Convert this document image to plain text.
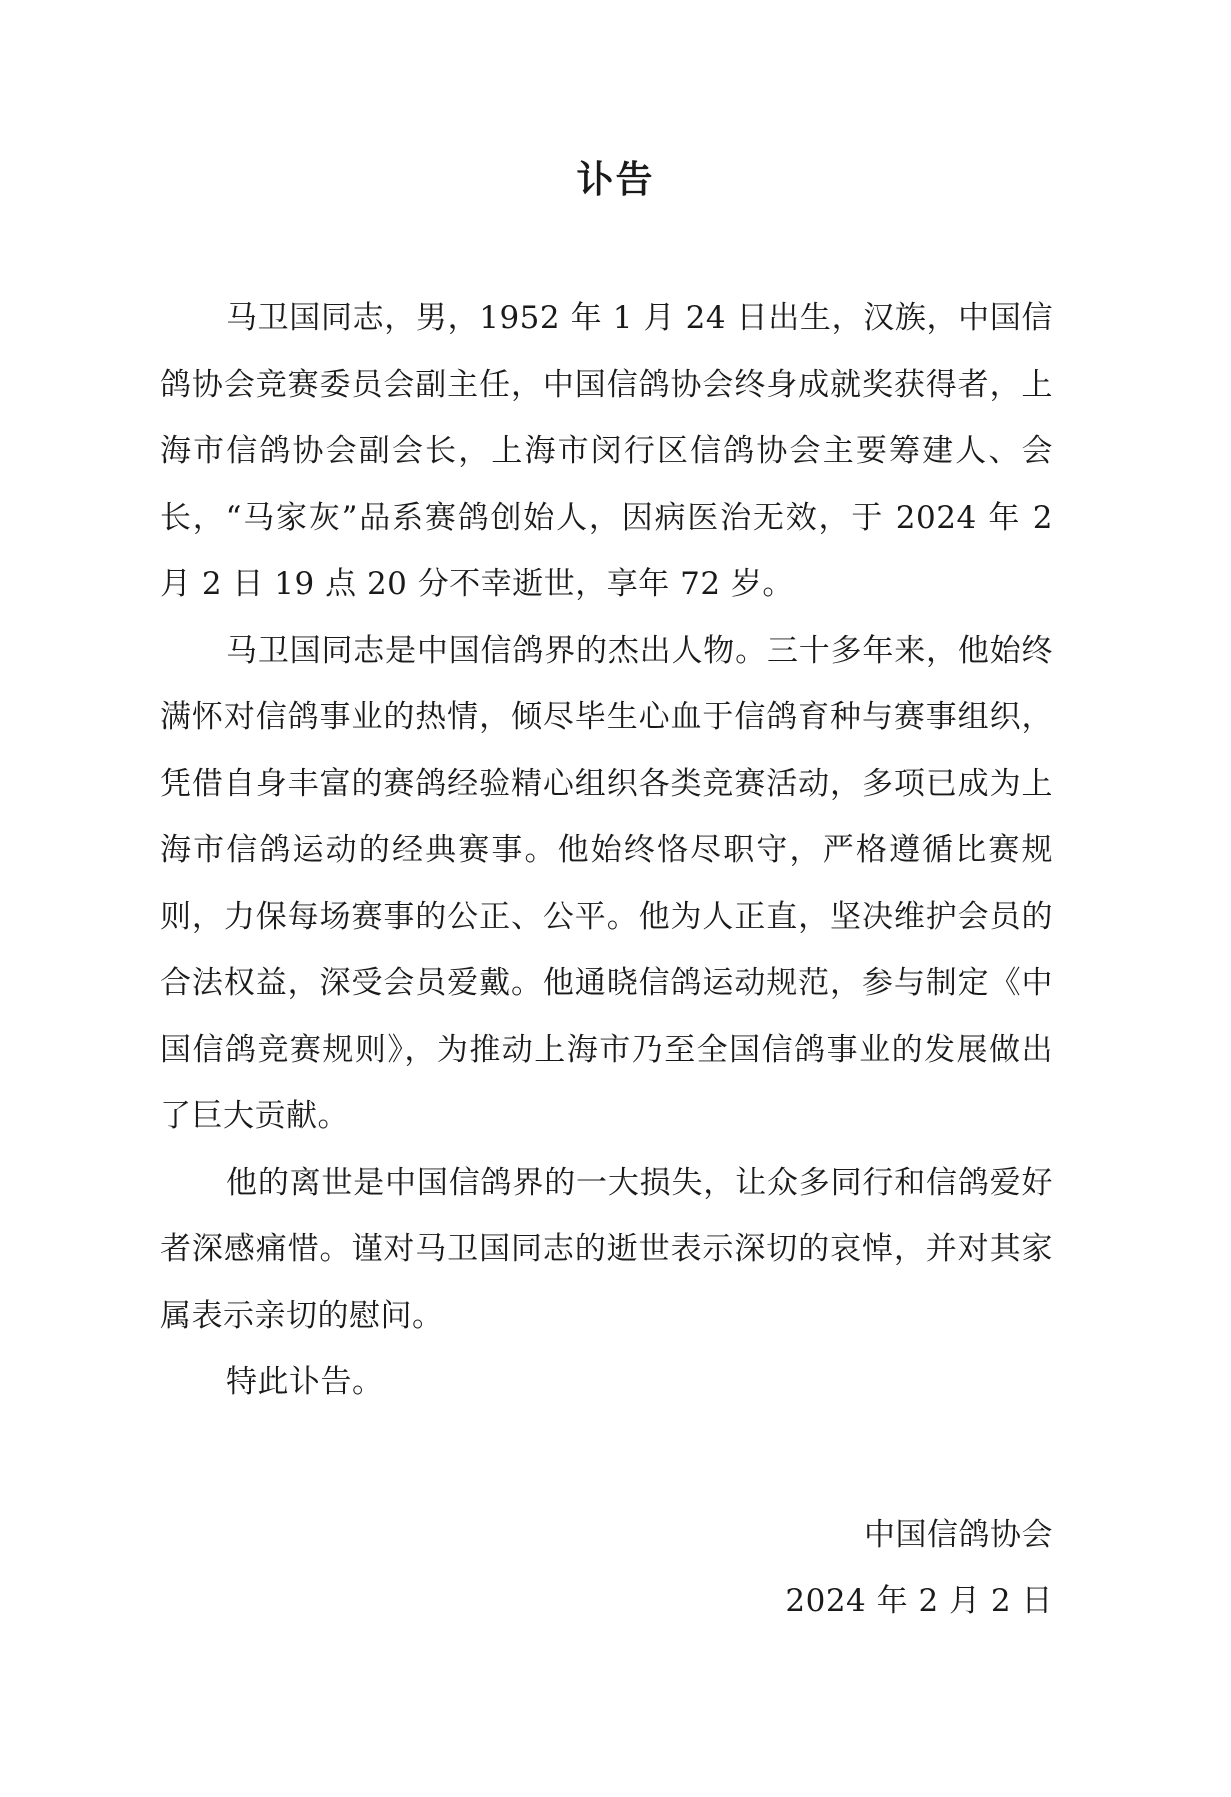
讣告

马卫国同志，男，1952 年 1 月 24 日出生，汉族，中国信鸽协会竞赛委员会副主任，中国信鸽协会终身成就奖获得者，上海市信鸽协会副会长，上海市闵行区信鸽协会主要筹建人、会长，“马家灰”品系赛鸽创始人，因病医治无效，于 2024 年 2 月 2 日 19 点 20 分不幸逝世，享年 72 岁。

马卫国同志是中国信鸽界的杰出人物。三十多年来，他始终满怀对信鸽事业的热情，倾尽毕生心血于信鸽育种与赛事组织，凭借自身丰富的赛鸽经验精心组织各类竞赛活动，多项已成为上海市信鸽运动的经典赛事。他始终恪尽职守，严格遵循比赛规则，力保每场赛事的公正、公平。他为人正直，坚决维护会员的合法权益，深受会员爱戴。他通晓信鸽运动规范，参与制定《中国信鸽竞赛规则》，为推动上海市乃至全国信鸽事业的发展做出了巨大贡献。

他的离世是中国信鸽界的一大损失，让众多同行和信鸽爱好者深感痛惜。谨对马卫国同志的逝世表示深切的哀悼，并对其家属表示亲切的慰问。

特此讣告。

中国信鸽协会
2024 年 2 月 2 日
